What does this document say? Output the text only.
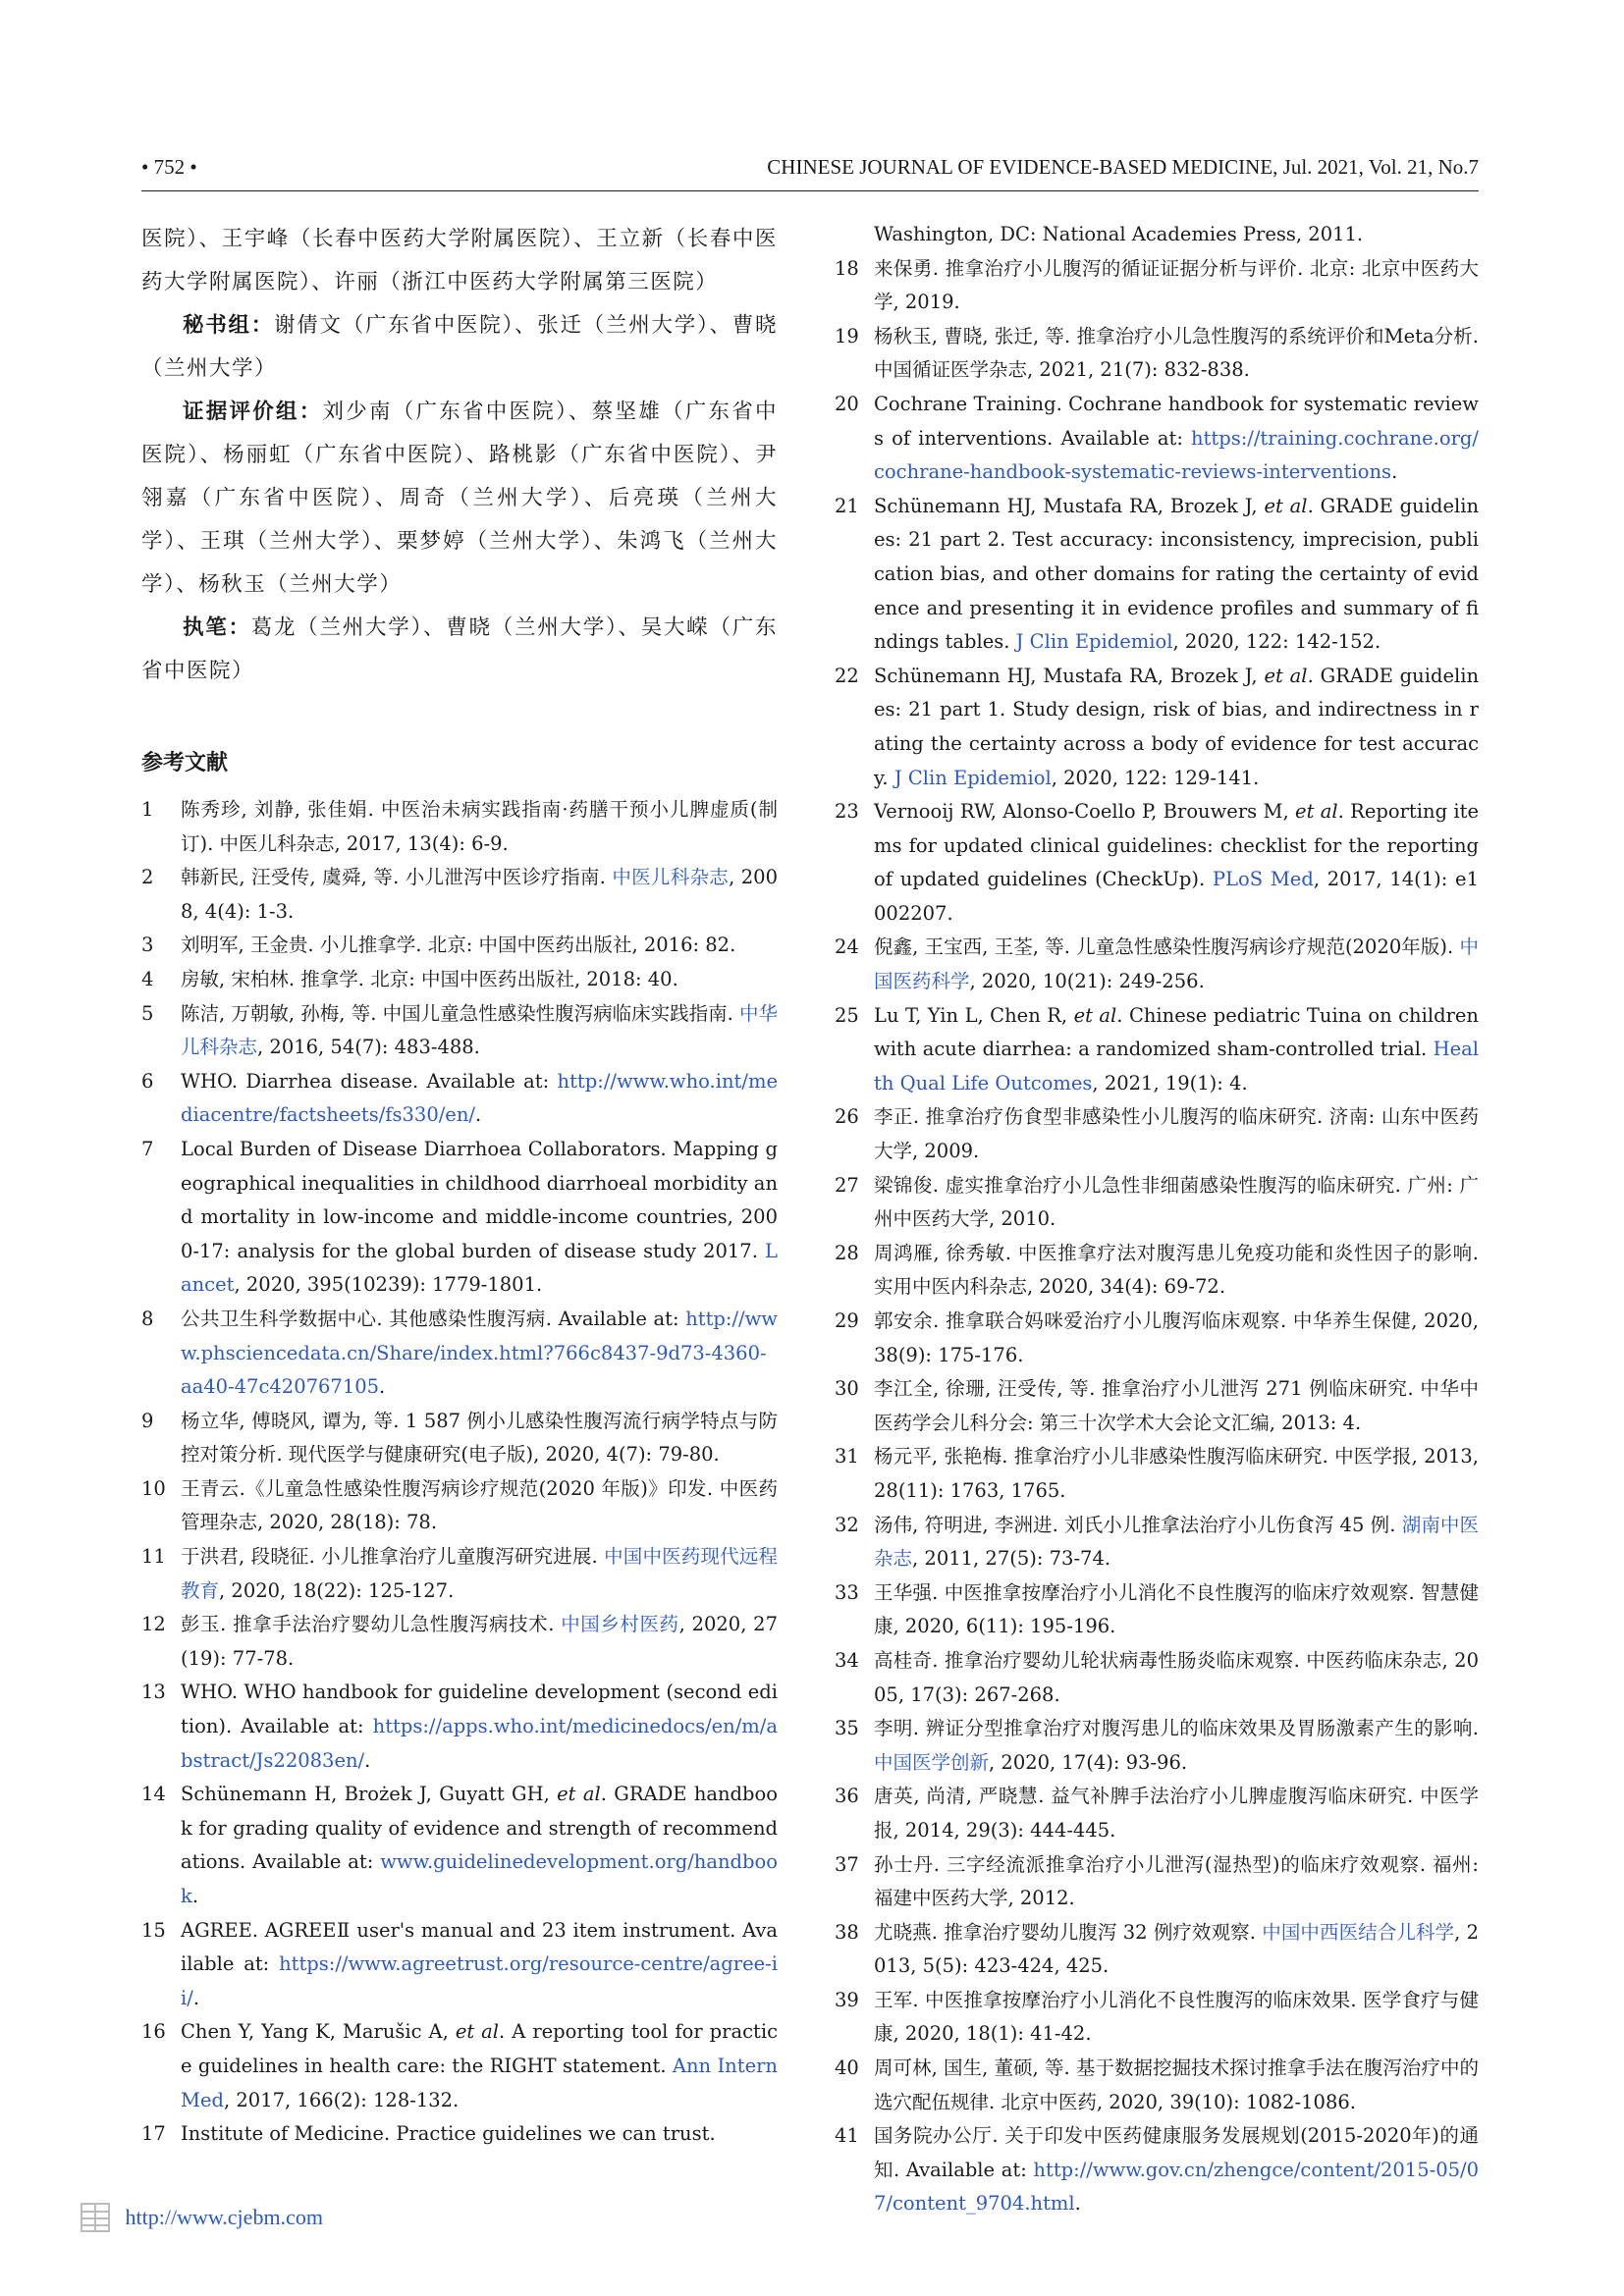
• 752 •	CHINESE JOURNAL OF EVIDENCE-BASED MEDICINE, Jul. 2021, Vol. 21, No.7

医院）、王宇峰（长春中医药大学附属医院）、王立新（长春中医药大学附属医院）、许丽（浙江中医药大学附属第三医院）

秘书组：谢倩文（广东省中医院）、张迁（兰州大学）、曹晓（兰州大学）

证据评价组：刘少南（广东省中医院）、蔡坚雄（广东省中医院）、杨丽虹（广东省中医院）、路桃影（广东省中医院）、尹翎嘉（广东省中医院）、周奇（兰州大学）、后亮瑛（兰州大学）、王琪（兰州大学）、栗梦婷（兰州大学）、朱鸿飞（兰州大学）、杨秋玉（兰州大学）

执笔：葛龙（兰州大学）、曹晓（兰州大学）、吴大嵘（广东省中医院）

参考文献
1	陈秀珍, 刘静, 张佳娟. 中医治未病实践指南·药膳干预小儿脾虚质(制订). 中医儿科杂志, 2017, 13(4): 6-9.
2	韩新民, 汪受传, 虞舜, 等. 小儿泄泻中医诊疗指南. 中医儿科杂志, 2008, 4(4): 1-3.
3	刘明军, 王金贵. 小儿推拿学. 北京: 中国中医药出版社, 2016: 82.
4	房敏, 宋柏林. 推拿学. 北京: 中国中医药出版社, 2018: 40.
5	陈洁, 万朝敏, 孙梅, 等. 中国儿童急性感染性腹泻病临床实践指南. 中华儿科杂志, 2016, 54(7): 483-488.
6	WHO. Diarrhea disease. Available at: http://www.who.int/mediacentre/factsheets/fs330/en/.
7	Local Burden of Disease Diarrhoea Collaborators. Mapping geographical inequalities in childhood diarrhoeal morbidity and mortality in low-income and middle-income countries, 2000-17: analysis for the global burden of disease study 2017. Lancet, 2020, 395(10239): 1779-1801.
8	公共卫生科学数据中心. 其他感染性腹泻病. Available at: http://www.phsciencedata.cn/Share/index.html?766c8437-9d73-4360-aa40-47c420767105.
9	杨立华, 傅晓风, 谭为, 等. 1 587 例小儿感染性腹泻流行病学特点与防控对策分析. 现代医学与健康研究(电子版), 2020, 4(7): 79-80.
10 王青云.《儿童急性感染性腹泻病诊疗规范(2020 年版)》印发. 中医药管理杂志, 2020, 28(18): 78.
11 于洪君, 段晓征. 小儿推拿治疗儿童腹泻研究进展. 中国中医药现代远程教育, 2020, 18(22): 125-127.
12 彭玉. 推拿手法治疗婴幼儿急性腹泻病技术. 中国乡村医药, 2020, 27(19): 77-78.
13 WHO. WHO handbook for guideline development (second edition). Available at: https://apps.who.int/medicinedocs/en/m/abstract/Js22083en/.
14 Schünemann H, Brożek J, Guyatt GH, et al. GRADE handbook for grading quality of evidence and strength of recommendations. Available at: www.guidelinedevelopment.org/handbook.
15 AGREE. AGREEⅡ user's manual and 23 item instrument. Available at: https://www.agreetrust.org/resource-centre/agree-ii/.
16 Chen Y, Yang K, Marušic A, et al. A reporting tool for practice guidelines in health care: the RIGHT statement. Ann Intern Med, 2017, 166(2): 128-132.
17 Institute of Medicine. Practice guidelines we can trust.
Washington, DC: National Academies Press, 2011.
18 来保勇. 推拿治疗小儿腹泻的循证证据分析与评价. 北京: 北京中医药大学, 2019.
19 杨秋玉, 曹晓, 张迁, 等. 推拿治疗小儿急性腹泻的系统评价和Meta分析. 中国循证医学杂志, 2021, 21(7): 832-838.
20 Cochrane Training. Cochrane handbook for systematic reviews of interventions. Available at: https://training.cochrane.org/cochrane-handbook-systematic-reviews-interventions.
21 Schünemann HJ, Mustafa RA, Brozek J, et al. GRADE guidelines: 21 part 2. Test accuracy: inconsistency, imprecision, publication bias, and other domains for rating the certainty of evidence and presenting it in evidence profiles and summary of findings tables. J Clin Epidemiol, 2020, 122: 142-152.
22 Schünemann HJ, Mustafa RA, Brozek J, et al. GRADE guidelines: 21 part 1. Study design, risk of bias, and indirectness in rating the certainty across a body of evidence for test accuracy. J Clin Epidemiol, 2020, 122: 129-141.
23 Vernooij RW, Alonso-Coello P, Brouwers M, et al. Reporting items for updated clinical guidelines: checklist for the reporting of updated guidelines (CheckUp). PLoS Med, 2017, 14(1): e1002207.
24 倪鑫, 王宝西, 王荃, 等. 儿童急性感染性腹泻病诊疗规范(2020年版). 中国医药科学, 2020, 10(21): 249-256.
25 Lu T, Yin L, Chen R, et al. Chinese pediatric Tuina on children with acute diarrhea: a randomized sham-controlled trial. Health Qual Life Outcomes, 2021, 19(1): 4.
26 李正. 推拿治疗伤食型非感染性小儿腹泻的临床研究. 济南: 山东中医药大学, 2009.
27 梁锦俊. 虚实推拿治疗小儿急性非细菌感染性腹泻的临床研究. 广州: 广州中医药大学, 2010.
28 周鸿雁, 徐秀敏. 中医推拿疗法对腹泻患儿免疫功能和炎性因子的影响. 实用中医内科杂志, 2020, 34(4): 69-72.
29 郭安余. 推拿联合妈咪爱治疗小儿腹泻临床观察. 中华养生保健, 2020, 38(9): 175-176.
30 李江全, 徐珊, 汪受传, 等. 推拿治疗小儿泄泻 271 例临床研究. 中华中医药学会儿科分会: 第三十次学术大会论文汇编, 2013: 4.
31 杨元平, 张艳梅. 推拿治疗小儿非感染性腹泻临床研究. 中医学报, 2013, 28(11): 1763, 1765.
32 汤伟, 符明进, 李洲进. 刘氏小儿推拿法治疗小儿伤食泻 45 例. 湖南中医杂志, 2011, 27(5): 73-74.
33 王华强. 中医推拿按摩治疗小儿消化不良性腹泻的临床疗效观察. 智慧健康, 2020, 6(11): 195-196.
34 高桂奇. 推拿治疗婴幼儿轮状病毒性肠炎临床观察. 中医药临床杂志, 2005, 17(3): 267-268.
35 李明. 辨证分型推拿治疗对腹泻患儿的临床效果及胃肠激素产生的影响. 中国医学创新, 2020, 17(4): 93-96.
36 唐英, 尚清, 严晓慧. 益气补脾手法治疗小儿脾虚腹泻临床研究. 中医学报, 2014, 29(3): 444-445.
37 孙士丹. 三字经流派推拿治疗小儿泄泻(湿热型)的临床疗效观察. 福州: 福建中医药大学, 2012.
38 尤晓燕. 推拿治疗婴幼儿腹泻 32 例疗效观察. 中国中西医结合儿科学, 2013, 5(5): 423-424, 425.
39 王军. 中医推拿按摩治疗小儿消化不良性腹泻的临床效果. 医学食疗与健康, 2020, 18(1): 41-42.
40 周可林, 国生, 董硕, 等. 基于数据挖掘技术探讨推拿手法在腹泻治疗中的选穴配伍规律. 北京中医药, 2020, 39(10): 1082-1086.
41 国务院办公厅. 关于印发中医药健康服务发展规划(2015-2020年)的通知. Available at: http://www.gov.cn/zhengce/content/2015-05/07/content_9704.html.
http://www.cjebm.com
